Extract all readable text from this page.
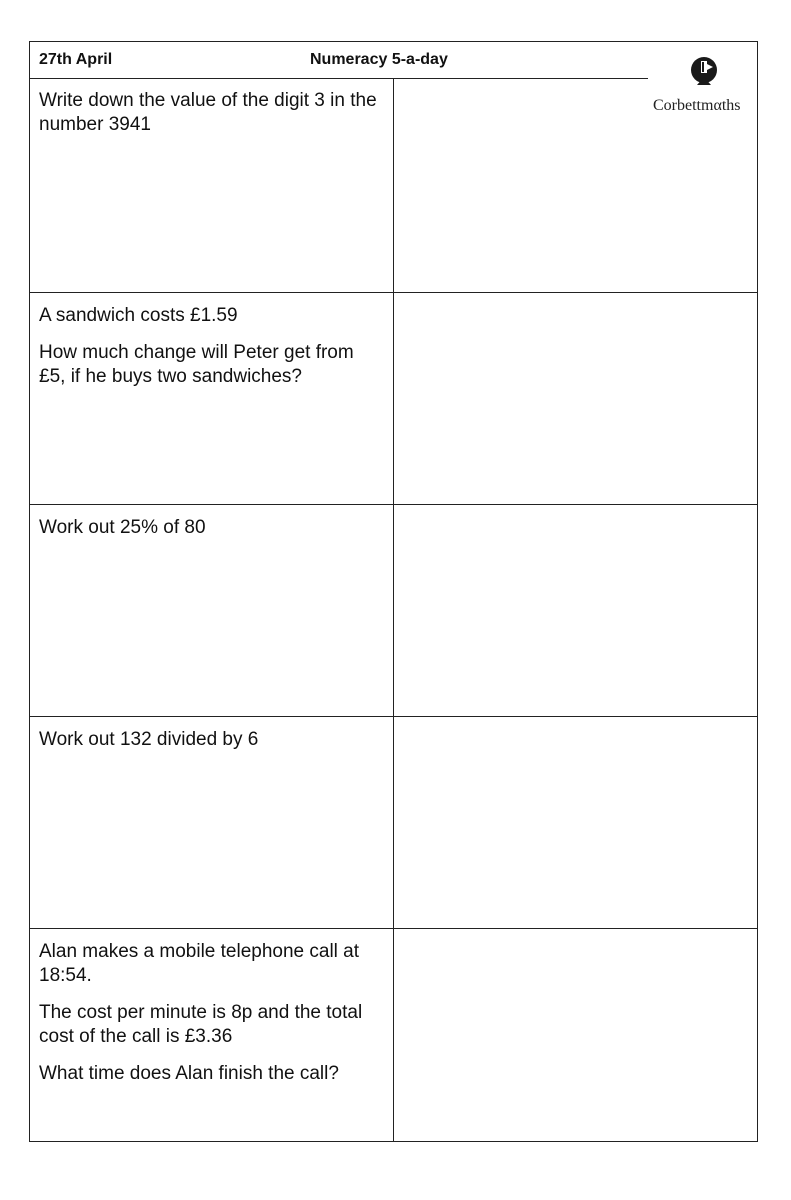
27th April	Numeracy 5-a-day
Corbettmαths

Write down the value of the digit 3 in the number 3941

A sandwich costs £1.59

How much change will Peter get from £5, if he buys two sandwiches?

Work out 25% of 80

Work out 132 divided by 6

Alan makes a mobile telephone call at 18:54.

The cost per minute is 8p and the total cost of the call is £3.36

What time does Alan finish the call?
